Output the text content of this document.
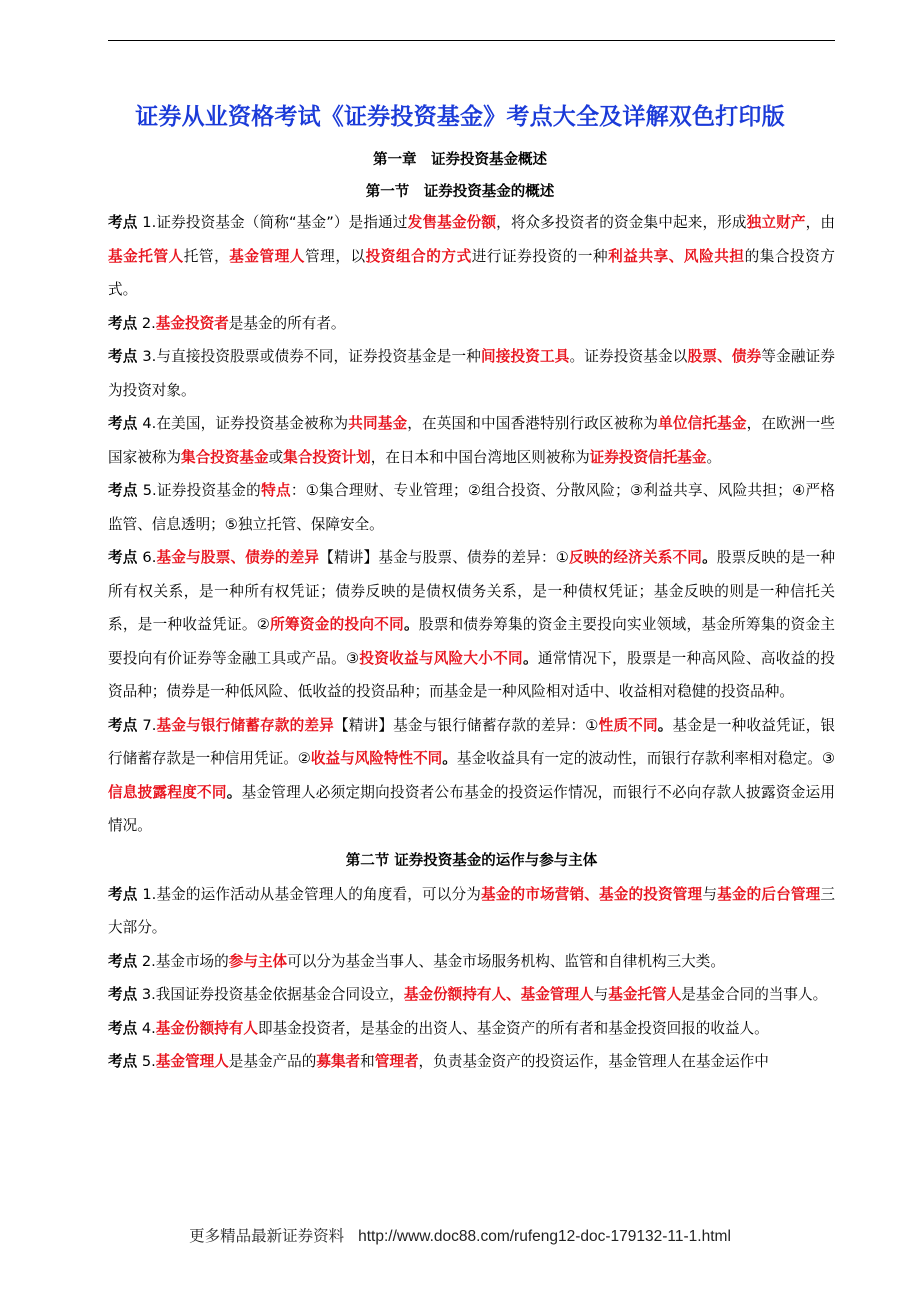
证券从业资格考试《证券投资基金》考点大全及详解双色打印版
第一章　证券投资基金概述
第一节　证券投资基金的概述

考点 1.证券投资基金（简称“基金”）是指通过发售基金份额，将众多投资者的资金集中起来，形成独立财产，由基金托管人托管，基金管理人管理，以投资组合的方式进行证券投资的一种利益共享、风险共担的集合投资方式。

考点 2.基金投资者是基金的所有者。

考点 3.与直接投资股票或债券不同，证券投资基金是一种间接投资工具。证券投资基金以股票、债券等金融证券为投资对象。

考点 4.在美国，证券投资基金被称为共同基金，在英国和中国香港特别行政区被称为单位信托基金，在欧洲一些国家被称为集合投资基金或集合投资计划，在日本和中国台湾地区则被称为证券投资信托基金。

考点 5.证券投资基金的特点：①集合理财、专业管理；②组合投资、分散风险；③利益共享、风险共担；④严格监管、信息透明；⑤独立托管、保障安全。

考点 6.基金与股票、债券的差异【精讲】基金与股票、债券的差异：①反映的经济关系不同。股票反映的是一种所有权关系，是一种所有权凭证；债券反映的是债权债务关系，是一种债权凭证；基金反映的则是一种信托关系，是一种收益凭证。②所筹资金的投向不同。股票和债券筹集的资金主要投向实业领域，基金所筹集的资金主要投向有价证券等金融工具或产品。③投资收益与风险大小不同。通常情况下，股票是一种高风险、高收益的投资品种；债券是一种低风险、低收益的投资品种；而基金是一种风险相对适中、收益相对稳健的投资品种。

考点 7.基金与银行储蓄存款的差异【精讲】基金与银行储蓄存款的差异：①性质不同。基金是一种收益凭证，银行储蓄存款是一种信用凭证。②收益与风险特性不同。基金收益具有一定的波动性，而银行存款利率相对稳定。③信息披露程度不同。基金管理人必须定期向投资者公布基金的投资运作情况，而银行不必向存款人披露资金运用情况。

第二节 证券投资基金的运作与参与主体

考点 1.基金的运作活动从基金管理人的角度看，可以分为基金的市场营销、基金的投资管理与基金的后台管理三大部分。

考点 2.基金市场的参与主体可以分为基金当事人、基金市场服务机构、监管和自律机构三大类。

考点 3.我国证券投资基金依据基金合同设立，基金份额持有人、基金管理人与基金托管人是基金合同的当事人。

考点 4.基金份额持有人即基金投资者，是基金的出资人、基金资产的所有者和基金投资回报的收益人。

考点 5.基金管理人是基金产品的募集者和管理者，负责基金资产的投资运作，基金管理人在基金运作中

更多精品最新证券资料 http://www.doc88.com/rufeng12-doc-179132-11-1.html
